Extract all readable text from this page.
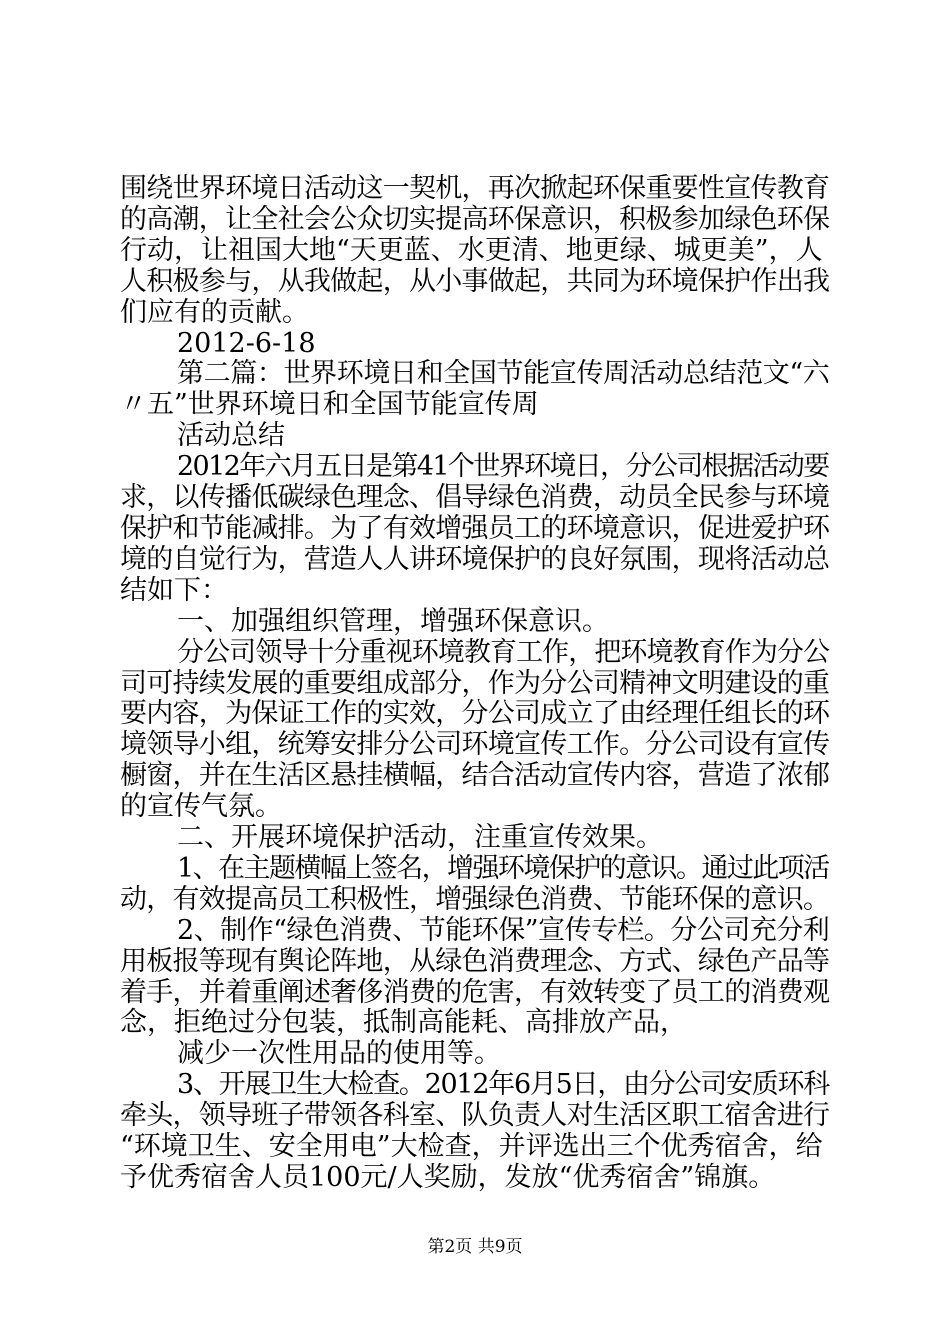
围绕世界环境日活动这一契机，再次掀起环保重要性宣传教育
的高潮，让全社会公众切实提高环保意识，积极参加绿色环保
行动，让祖国大地“天更蓝、水更清、地更绿、城更美”，人
人积极参与，从我做起，从小事做起，共同为环境保护作出我
们应有的贡献。
2012-6-18
第二篇：世界环境日和全国节能宣传周活动总结范文“六
〃五”世界环境日和全国节能宣传周
活动总结
2012年六月五日是第41个世界环境日，分公司根据活动要
求，以传播低碳绿色理念、倡导绿色消费，动员全民参与环境
保护和节能减排。为了有效增强员工的环境意识，促进爱护环
境的自觉行为，营造人人讲环境保护的良好氛围，现将活动总
结如下：
一、加强组织管理，增强环保意识。
分公司领导十分重视环境教育工作，把环境教育作为分公
司可持续发展的重要组成部分，作为分公司精神文明建设的重
要内容，为保证工作的实效，分公司成立了由经理任组长的环
境领导小组，统筹安排分公司环境宣传工作。分公司设有宣传
橱窗，并在生活区悬挂横幅，结合活动宣传内容，营造了浓郁
的宣传气氛。
二、开展环境保护活动，注重宣传效果。
1、在主题横幅上签名，增强环境保护的意识。通过此项活
动，有效提高员工积极性，增强绿色消费、节能环保的意识。
2、制作“绿色消费、节能环保”宣传专栏。分公司充分利
用板报等现有舆论阵地，从绿色消费理念、方式、绿色产品等
着手，并着重阐述奢侈消费的危害，有效转变了员工的消费观
念，拒绝过分包装，抵制高能耗、高排放产品，
减少一次性用品的使用等。
3、开展卫生大检查。2012年6月5日，由分公司安质环科
牵头，领导班子带领各科室、队负责人对生活区职工宿舍进行
“环境卫生、安全用电”大检查，并评选出三个优秀宿舍，给
予优秀宿舍人员100元/人奖励，发放“优秀宿舍”锦旗。
第2页 共9页
